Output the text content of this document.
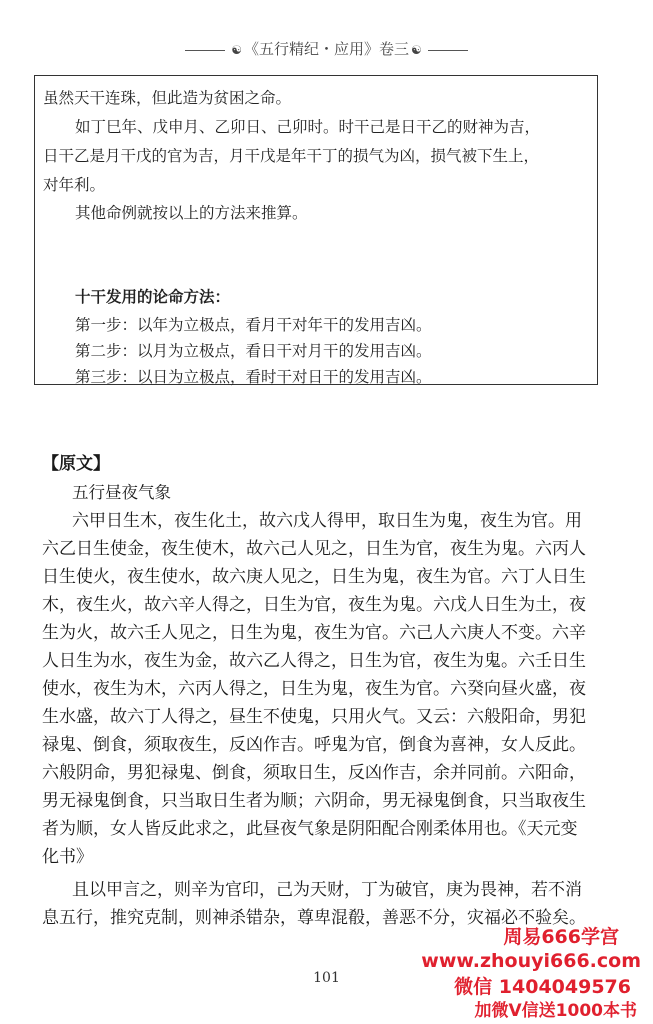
☯ 《五行精纪・应用》卷三 ☯
虽然天干连珠，但此造为贫困之命。
如丁巳年、戊申月、乙卯日、己卯时。时干己是日干乙的财神为吉，
日干乙是月干戊的官为吉，月干戊是年干丁的损气为凶，损气被下生上，
对年利。
其他命例就按以上的方法来推算。
十干发用的论命方法：
第一步：以年为立极点，看月干对年干的发用吉凶。
第二步：以月为立极点，看日干对月干的发用吉凶。
第三步：以日为立极点，看时干对日干的发用吉凶。
【原文】
五行昼夜气象
六甲日生木，夜生化土，故六戊人得甲，取日生为鬼，夜生为官。用
六乙日生使金，夜生使木，故六己人见之，日生为官，夜生为鬼。六丙人
日生使火，夜生使水，故六庚人见之，日生为鬼，夜生为官。六丁人日生
木，夜生火，故六辛人得之，日生为官，夜生为鬼。六戊人日生为土，夜
生为火，故六壬人见之，日生为鬼，夜生为官。六己人六庚人不变。六辛
人日生为水，夜生为金，故六乙人得之，日生为官，夜生为鬼。六壬日生
使水，夜生为木，六丙人得之，日生为鬼，夜生为官。六癸向昼火盛，夜
生水盛，故六丁人得之，昼生不使鬼，只用火气。又云：六般阳命，男犯
禄鬼、倒食，须取夜生，反凶作吉。呼鬼为官，倒食为喜神，女人反此。
六般阴命，男犯禄鬼、倒食，须取日生，反凶作吉，余并同前。六阳命，
男无禄鬼倒食，只当取日生者为顺；六阴命，男无禄鬼倒食，只当取夜生
者为顺，女人皆反此求之，此昼夜气象是阴阳配合刚柔体用也。《天元变
化书》
且以甲言之，则辛为官印，己为天财，丁为破官，庚为畏神，若不消
息五行，推究克制，则神杀错杂，尊卑混殽，善恶不分，灾福必不验矣。
101
周易666学宫
www.zhouyi666.com
微信 1404049576
加微V信送1000本书
